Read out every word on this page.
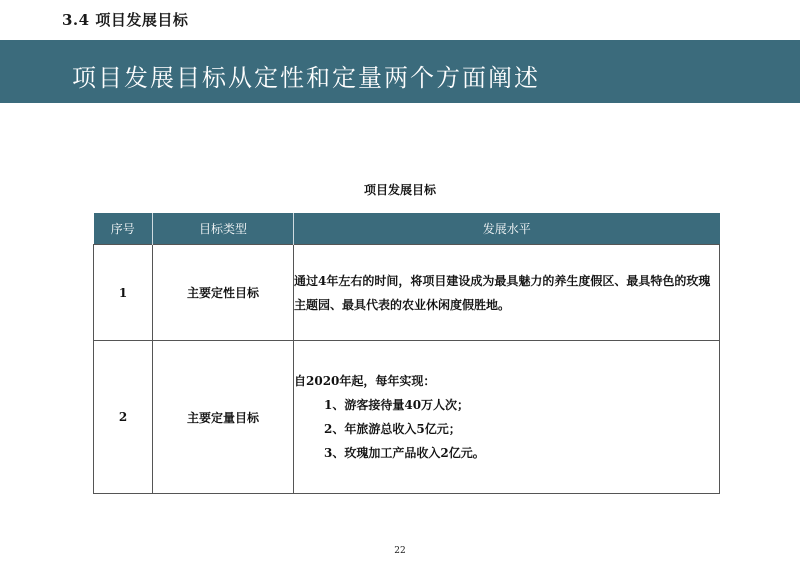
3.4 项目发展目标
项目发展目标从定性和定量两个方面阐述
项目发展目标
序号	目标类型	发展水平
1	主要定性目标	通过4年左右的时间，将项目建设成为最具魅力的养生度假区、最具特色的玫瑰主题园、最具代表的农业休闲度假胜地。

2	主要定量目标	自2020年起，每年实现：
1、游客接待量40万人次；
2、年旅游总收入5亿元；
3、玫瑰加工产品收入2亿元。
22
